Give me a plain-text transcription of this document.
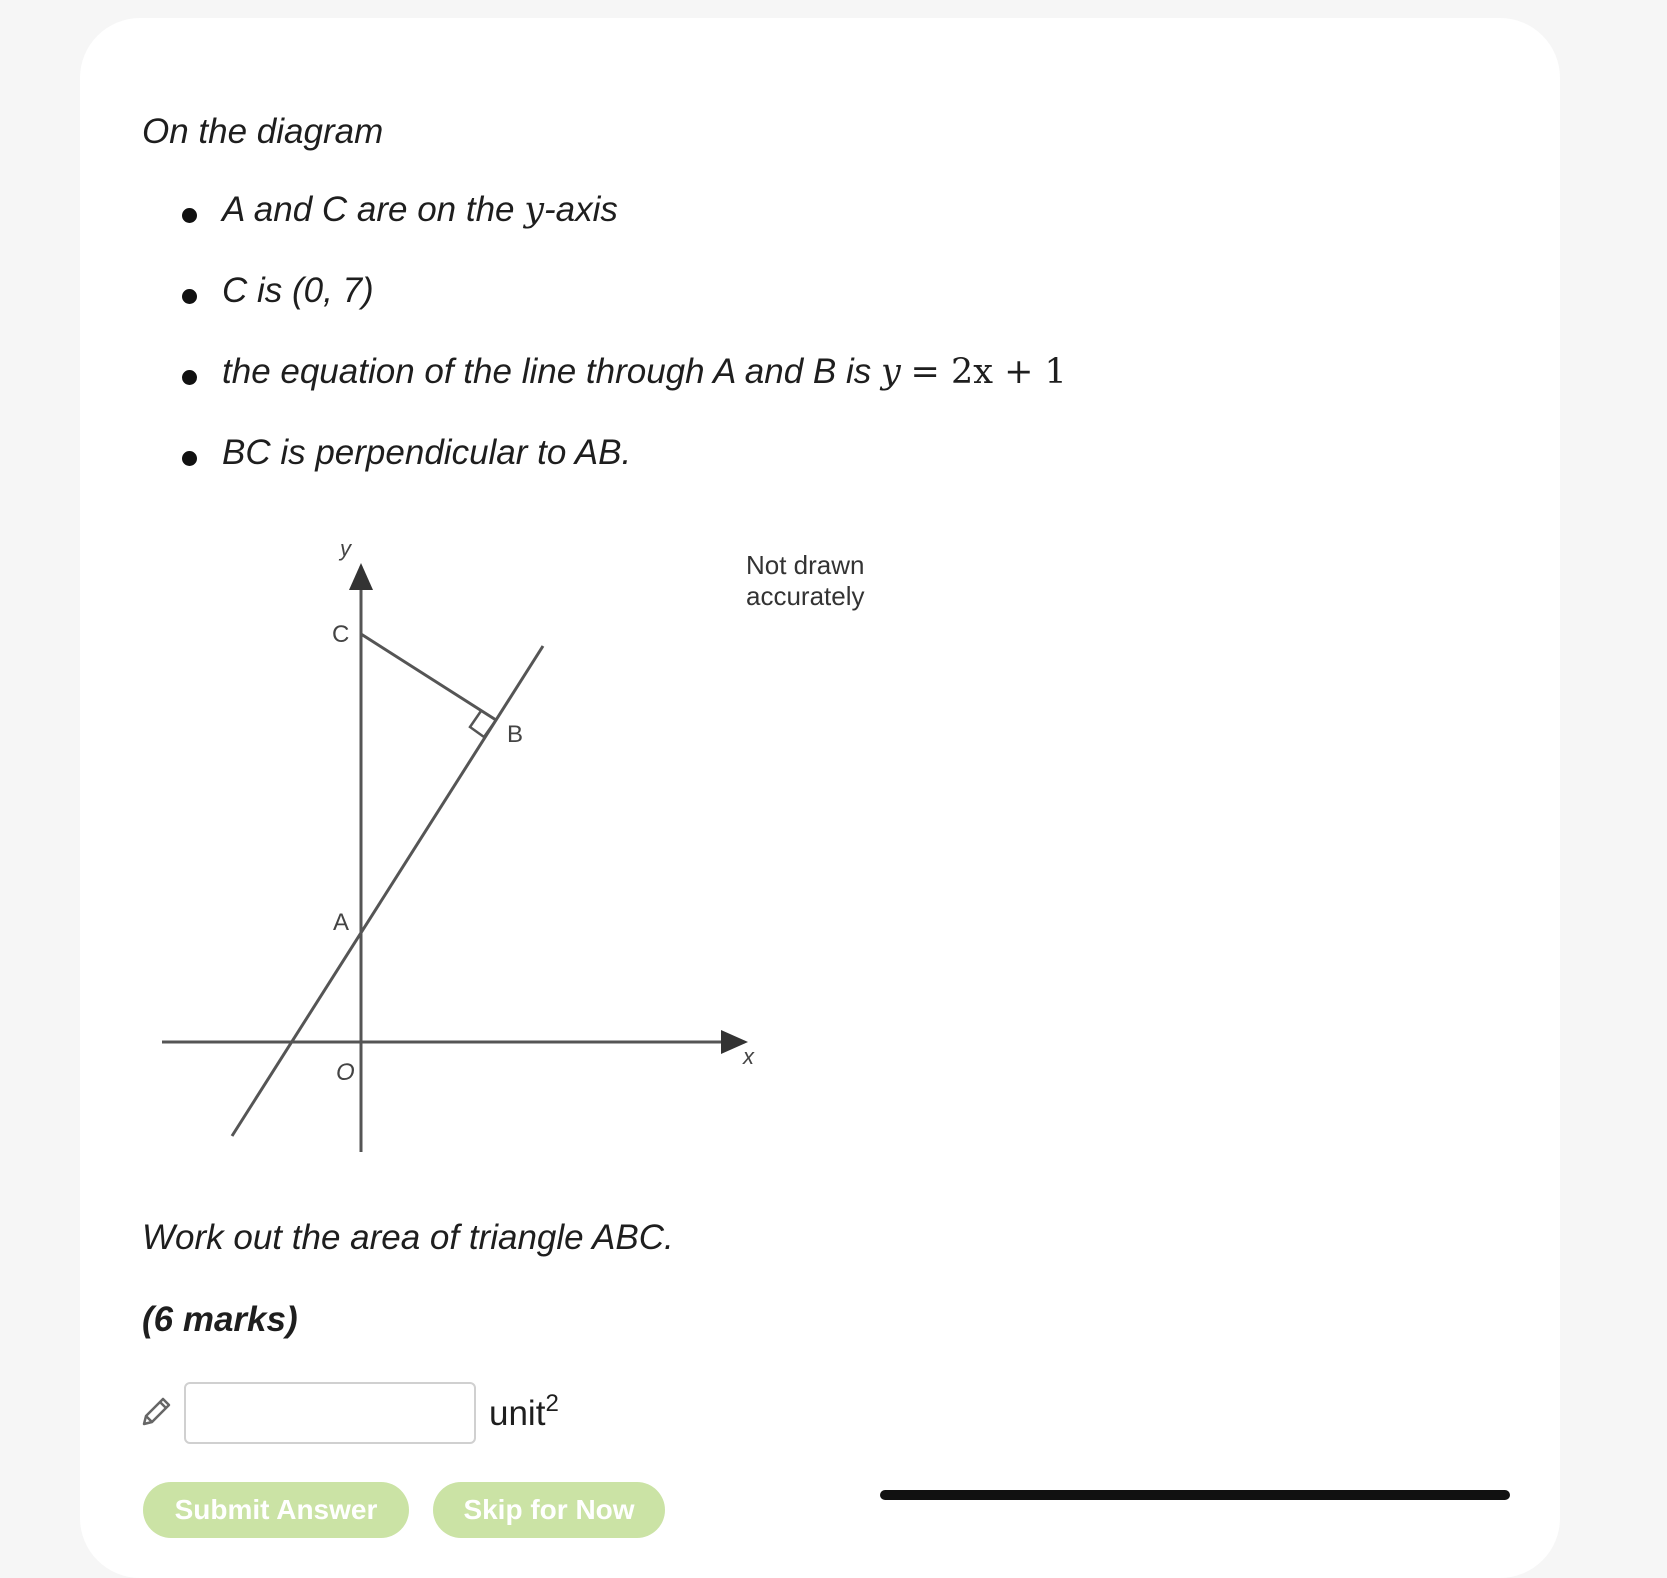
On the diagram

A and C are on the y-axis
C is (0, 7)
the equation of the line through A and B is y = 2x + 1
BC is perpendicular to AB.
y
C
B
A
O
x
Not drawn
accurately

Work out the area of triangle ABC.

(6 marks)

unit$^2$
Submit Answer	Skip for Now
